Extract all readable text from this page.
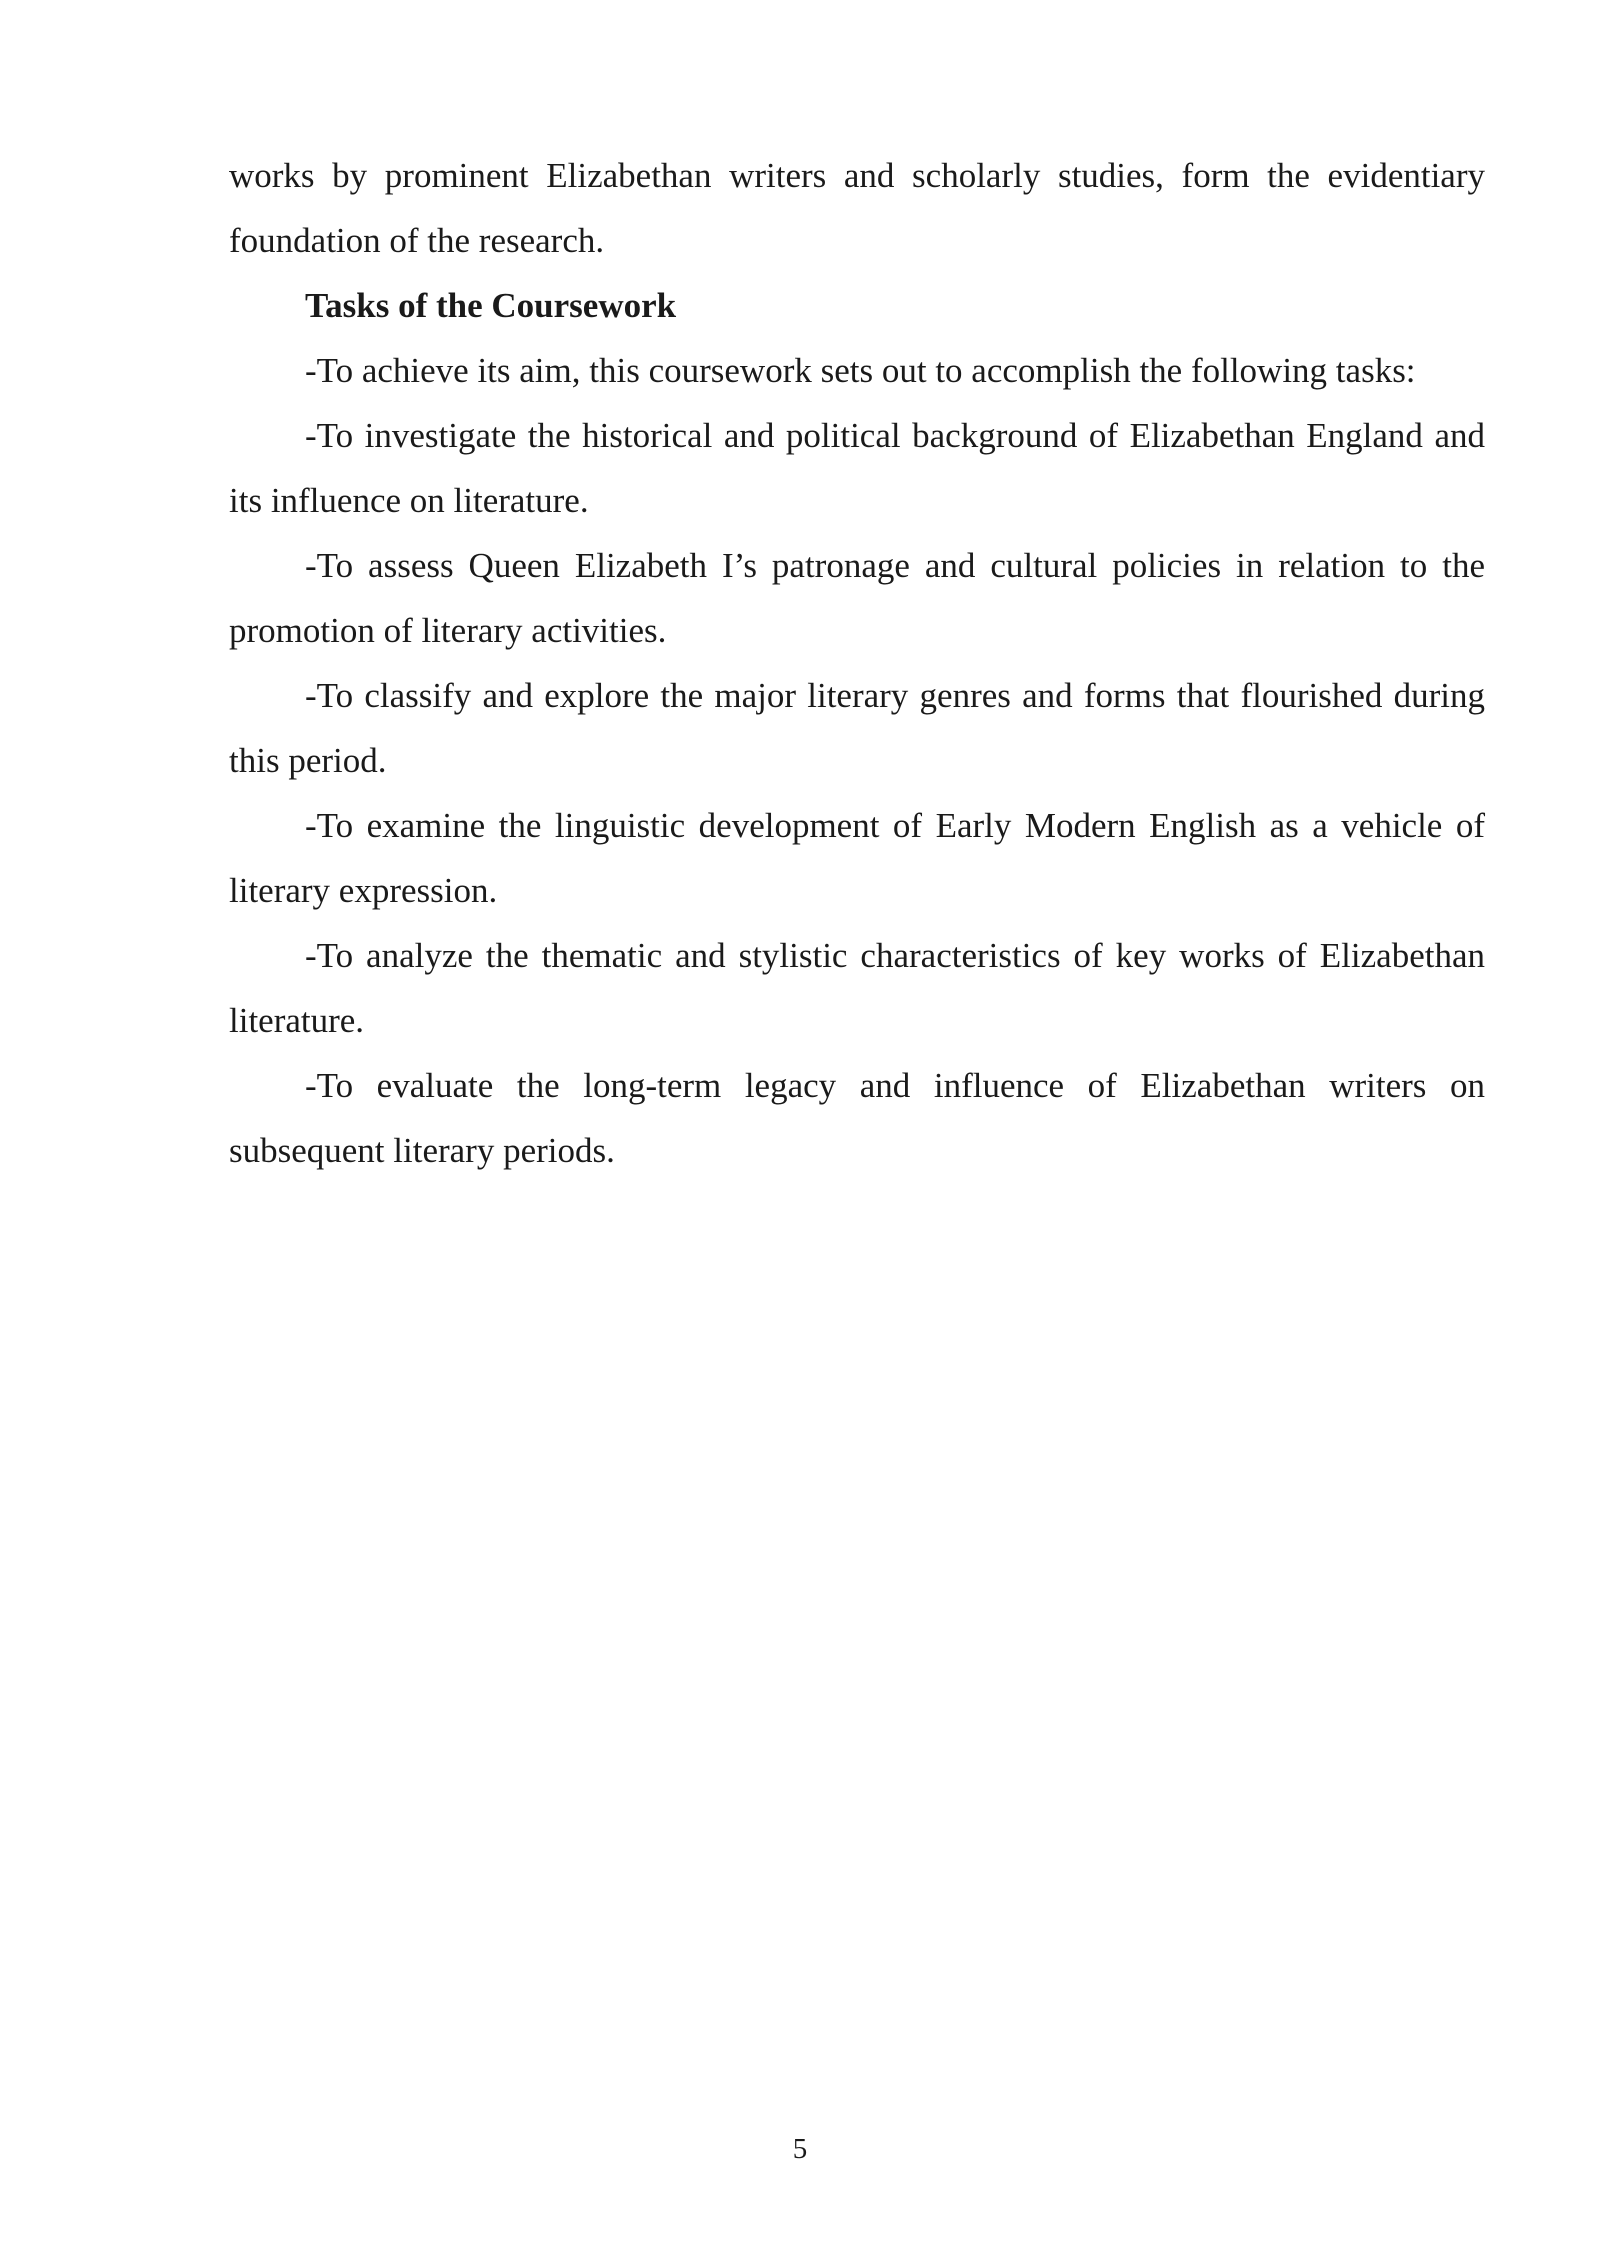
works by prominent Elizabethan writers and scholarly studies, form the evidentiary foundation of the research.

Tasks of the Coursework

-To achieve its aim, this coursework sets out to accomplish the following tasks:

-To investigate the historical and political background of Elizabethan England and its influence on literature.

-To assess Queen Elizabeth I’s patronage and cultural policies in relation to the promotion of literary activities.

-To classify and explore the major literary genres and forms that flourished during this period.

-To examine the linguistic development of Early Modern English as a vehicle of literary expression.

-To analyze the thematic and stylistic characteristics of key works of Elizabethan literature.

-To evaluate the long-term legacy and influence of Elizabethan writers on subsequent literary periods.

5
